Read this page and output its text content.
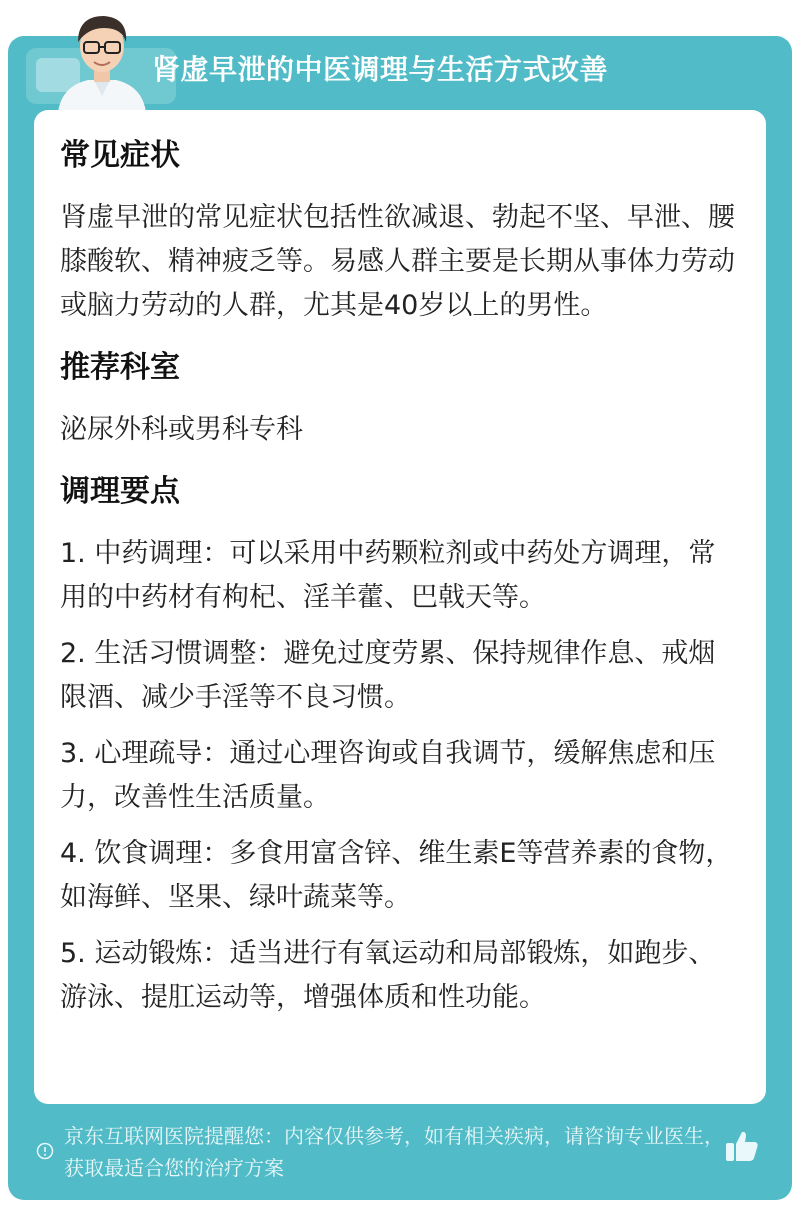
肾虚早泄的中医调理与生活方式改善
常见症状

肾虚早泄的常见症状包括性欲减退、勃起不坚、早泄、腰膝酸软、精神疲乏等。易感人群主要是长期从事体力劳动或脑力劳动的人群，尤其是40岁以上的男性。

推荐科室

泌尿外科或男科专科

调理要点

1. 中药调理：可以采用中药颗粒剂或中药处方调理，常用的中药材有枸杞、淫羊藿、巴戟天等。

2. 生活习惯调整：避免过度劳累、保持规律作息、戒烟限酒、减少手淫等不良习惯。

3. 心理疏导：通过心理咨询或自我调节，缓解焦虑和压力，改善性生活质量。

4. 饮食调理：多食用富含锌、维生素E等营养素的食物，如海鲜、坚果、绿叶蔬菜等。

5. 运动锻炼：适当进行有氧运动和局部锻炼，如跑步、游泳、提肛运动等，增强体质和性功能。

京东互联网医院提醒您：内容仅供参考，如有相关疾病，请咨询专业医生，获取最适合您的治疗方案
